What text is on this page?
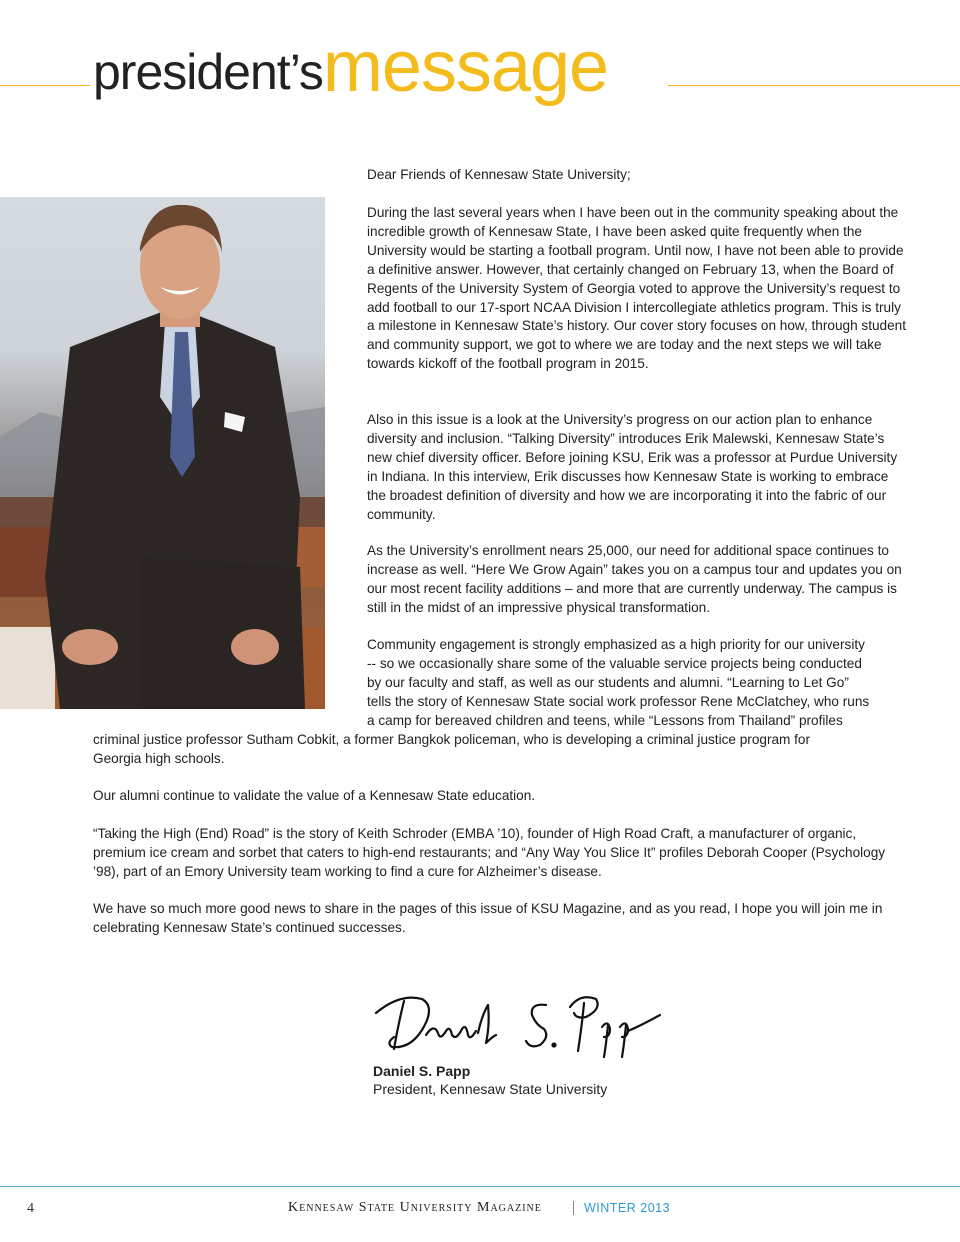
president’smessage

Dear Friends of Kennesaw State University;

During the last several years when I have been out in the community speaking about the incredible growth of Kennesaw State, I have been asked quite frequently when the University would be starting a football program. Until now, I have not been able to provide a definitive answer. However, that certainly changed on February 13, when the Board of Regents of the University System of Georgia voted to approve the University’s request to add football to our 17-sport NCAA Division I intercollegiate athletics program. This is truly a milestone in Kennesaw State’s history. Our cover story focuses on how, through student and community support, we got to where we are today and the next steps we will take towards kickoff of the football program in 2015.

Also in this issue is a look at the University’s progress on our action plan to enhance diversity and inclusion. “Talking Diversity” introduces Erik Malewski, Kennesaw State’s new chief diversity officer. Before joining KSU, Erik was a professor at Purdue University in Indiana. In this interview, Erik discusses how Kennesaw State is working to embrace the broadest definition of diversity and how we are incorporating it into the fabric of our community.

As the University’s enrollment nears 25,000, our need for additional space continues to increase as well. “Here We Grow Again” takes you on a campus tour and updates you on our most recent facility additions – and more that are currently underway. The campus is still in the midst of an impressive physical transformation.

Community engagement is strongly emphasized as a high priority for our university

-- so we occasionally share some of the valuable service projects being conducted

by our faculty and staff, as well as our students and alumni. “Learning to Let Go”

tells the story of Kennesaw State social work professor Rene McClatchey, who runs

a camp for bereaved children and teens, while “Lessons from Thailand” profiles

criminal justice professor Sutham Cobkit, a former Bangkok policeman, who is developing a criminal justice program for

Georgia high schools.

Our alumni continue to validate the value of a Kennesaw State education.

“Taking the High (End) Road” is the story of Keith Schroder (EMBA ’10), founder of High Road Craft, a manufacturer of organic, premium ice cream and sorbet that caters to high-end restaurants; and “Any Way You Slice It” profiles Deborah Cooper (Psychology ’98), part of an Emory University team working to find a cure for Alzheimer’s disease.

We have so much more good news to share in the pages of this issue of KSU Magazine, and as you read, I hope you will join me in celebrating Kennesaw State’s continued successes.

Daniel S. Papp
President, Kennesaw State University
4	Kennesaw State University Magazine	WINTER 2013
